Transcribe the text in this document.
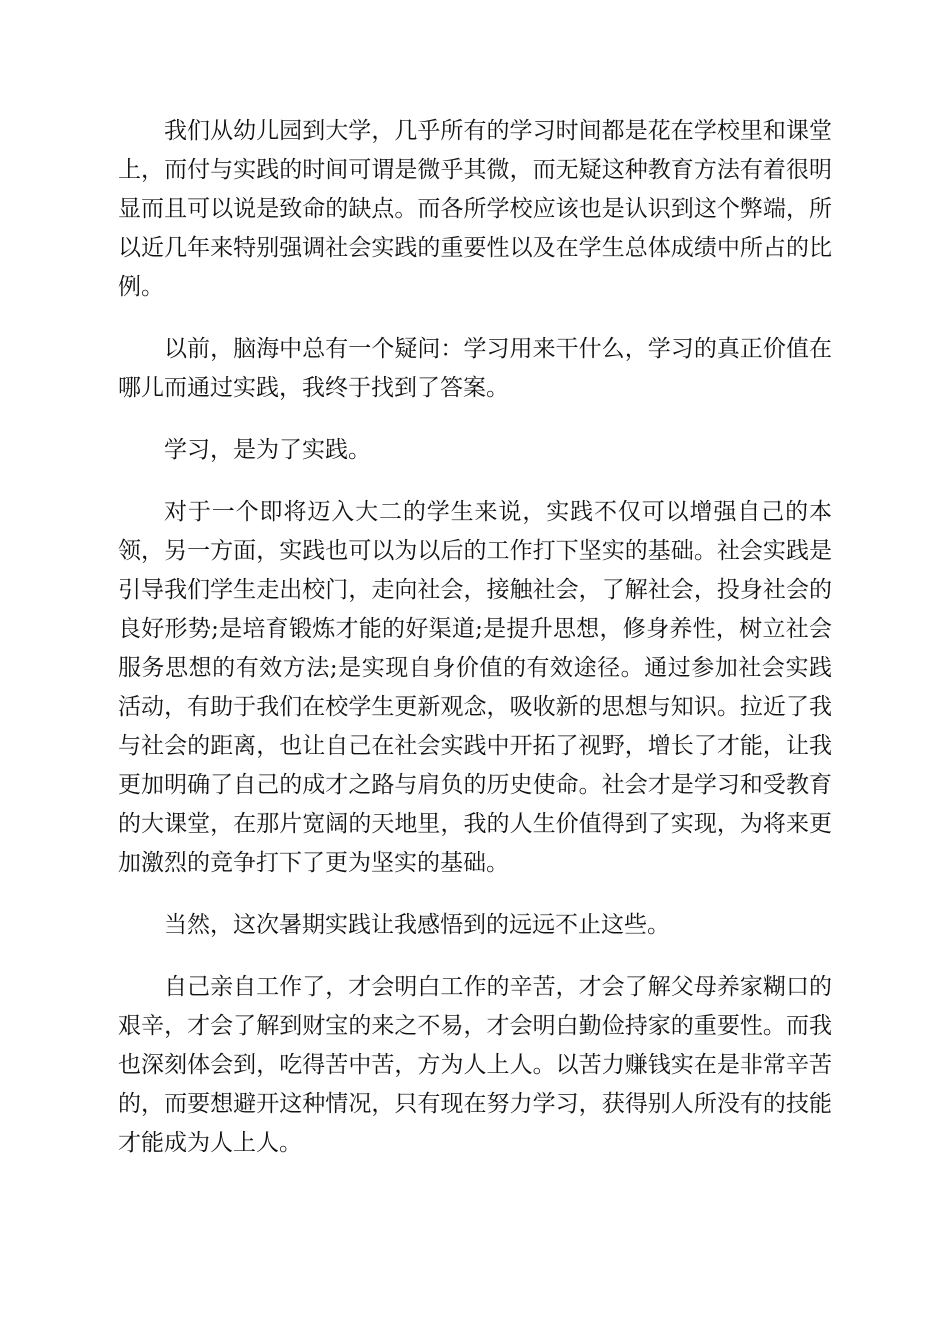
我们从幼儿园到大学，几乎所有的学习时间都是花在学校里和课堂上，而付与实践的时间可谓是微乎其微，而无疑这种教育方法有着很明显而且可以说是致命的缺点。而各所学校应该也是认识到这个弊端，所以近几年来特别强调社会实践的重要性以及在学生总体成绩中所占的比例。

以前，脑海中总有一个疑问：学习用来干什么，学习的真正价值在哪儿而通过实践，我终于找到了答案。

学习，是为了实践。

对于一个即将迈入大二的学生来说，实践不仅可以增强自己的本领，另一方面，实践也可以为以后的工作打下坚实的基础。社会实践是引导我们学生走出校门，走向社会，接触社会，了解社会，投身社会的良好形势;是培育锻炼才能的好渠道;是提升思想，修身养性，树立社会服务思想的有效方法;是实现自身价值的有效途径。通过参加社会实践活动，有助于我们在校学生更新观念，吸收新的思想与知识。拉近了我与社会的距离，也让自己在社会实践中开拓了视野，增长了才能，让我更加明确了自己的成才之路与肩负的历史使命。社会才是学习和受教育的大课堂，在那片宽阔的天地里，我的人生价值得到了实现，为将来更加激烈的竞争打下了更为坚实的基础。

当然，这次暑期实践让我感悟到的远远不止这些。

自己亲自工作了，才会明白工作的辛苦，才会了解父母养家糊口的艰辛，才会了解到财宝的来之不易，才会明白勤俭持家的重要性。而我也深刻体会到，吃得苦中苦，方为人上人。以苦力赚钱实在是非常辛苦的，而要想避开这种情况，只有现在努力学习，获得别人所没有的技能才能成为人上人。
